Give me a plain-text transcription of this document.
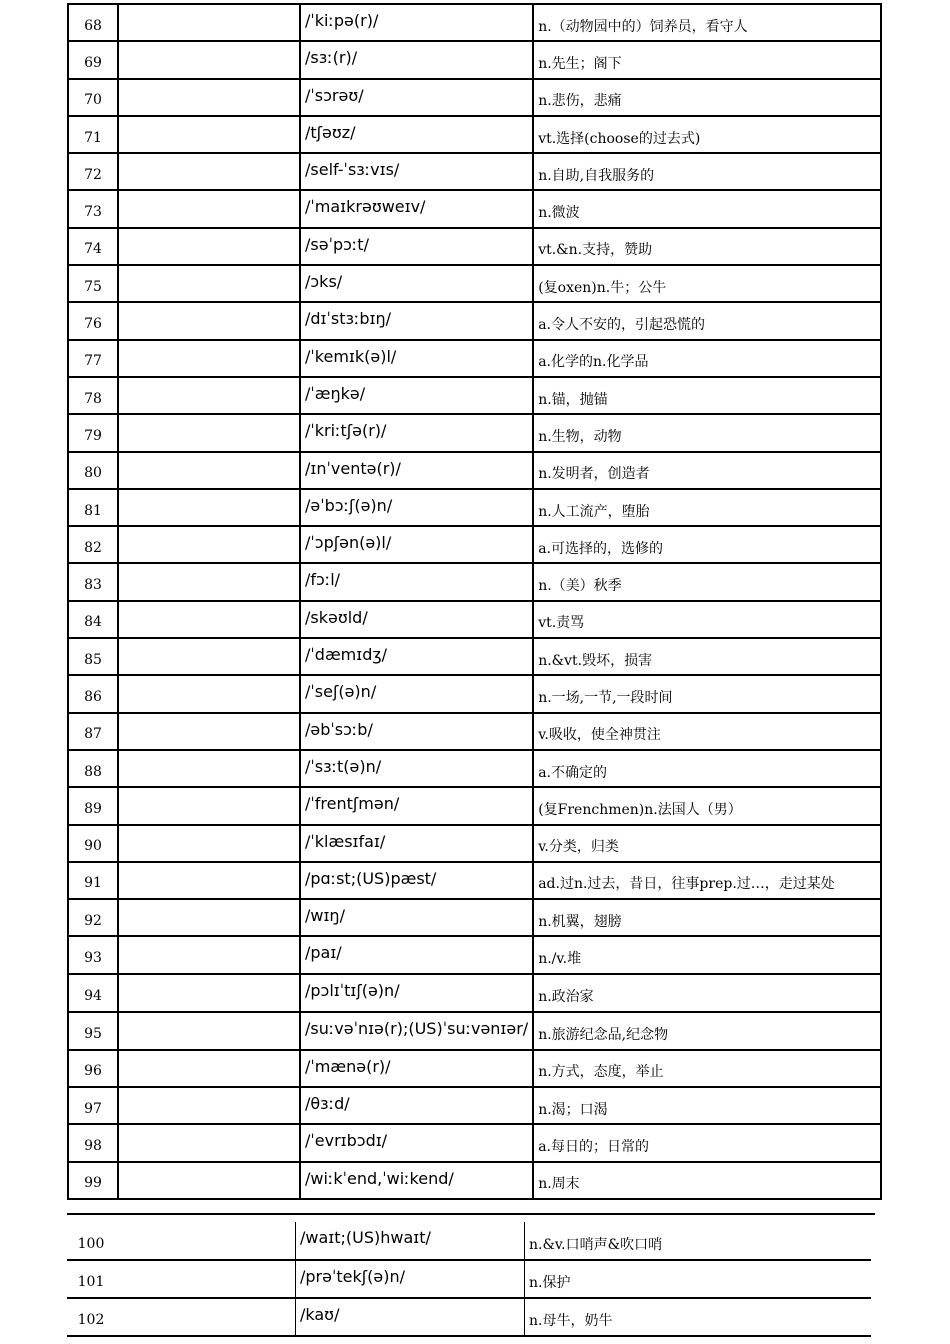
68		/ˈkiːpə(r)/	n.（动物园中的）饲养员，看守人
69		/sɜː(r)/	n.先生；阁下
70		/ˈsɔrəʊ/	n.悲伤，悲痛
71		/tʃəʊz/	vt.选择(choose的过去式)
72		/self-ˈsɜːvɪs/	n.自助,自我服务的
73		/ˈmaɪkrəʊweɪv/	n.微波
74		/səˈpɔːt/	vt.&n.支持，赞助
75		/ɔks/	(复oxen)n.牛；公牛
76		/dɪˈstɜːbɪŋ/	a.令人不安的，引起恐慌的
77		/ˈkemɪk(ə)l/	a.化学的n.化学品
78		/ˈæŋkə/	n.锚，抛锚
79		/ˈkriːtʃə(r)/	n.生物，动物
80		/ɪnˈventə(r)/	n.发明者，创造者
81		/əˈbɔːʃ(ə)n/	n.人工流产，堕胎
82		/ˈɔpʃən(ə)l/	a.可选择的，选修的
83		/fɔːl/	n.（美）秋季
84		/skəʊld/	vt.责骂
85		/ˈdæmɪdʒ/	n.&vt.毁坏，损害
86		/ˈseʃ(ə)n/	n.一场,一节,一段时间
87		/əbˈsɔːb/	v.吸收，使全神贯注
88		/ˈsɜːt(ə)n/	a.不确定的
89		/ˈfrentʃmən/	(复Frenchmen)n.法国人（男）
90		/ˈklæsɪfaɪ/	v.分类，归类
91		/pɑːst;(US)pæst/	ad.过n.过去，昔日，往事prep.过…，走过某处
92		/wɪŋ/	n.机翼，翅膀
93		/paɪ/	n./v.堆
94		/pɔlɪˈtɪʃ(ə)n/	n.政治家
95		/suːvəˈnɪə(r);(US)ˈsuːvənɪər/	n.旅游纪念品,纪念物
96		/ˈmænə(r)/	n.方式，态度，举止
97		/θɜːd/	n.渴；口渴
98		/ˈevrɪbɔdɪ/	a.每日的；日常的
99		/wiːkˈend,ˈwiːkend/	n.周末
100		/waɪt;(US)hwaɪt/	n.&v.口哨声&吹口哨
101		/prəˈtekʃ(ə)n/	n.保护
102		/kaʊ/	n.母牛，奶牛
